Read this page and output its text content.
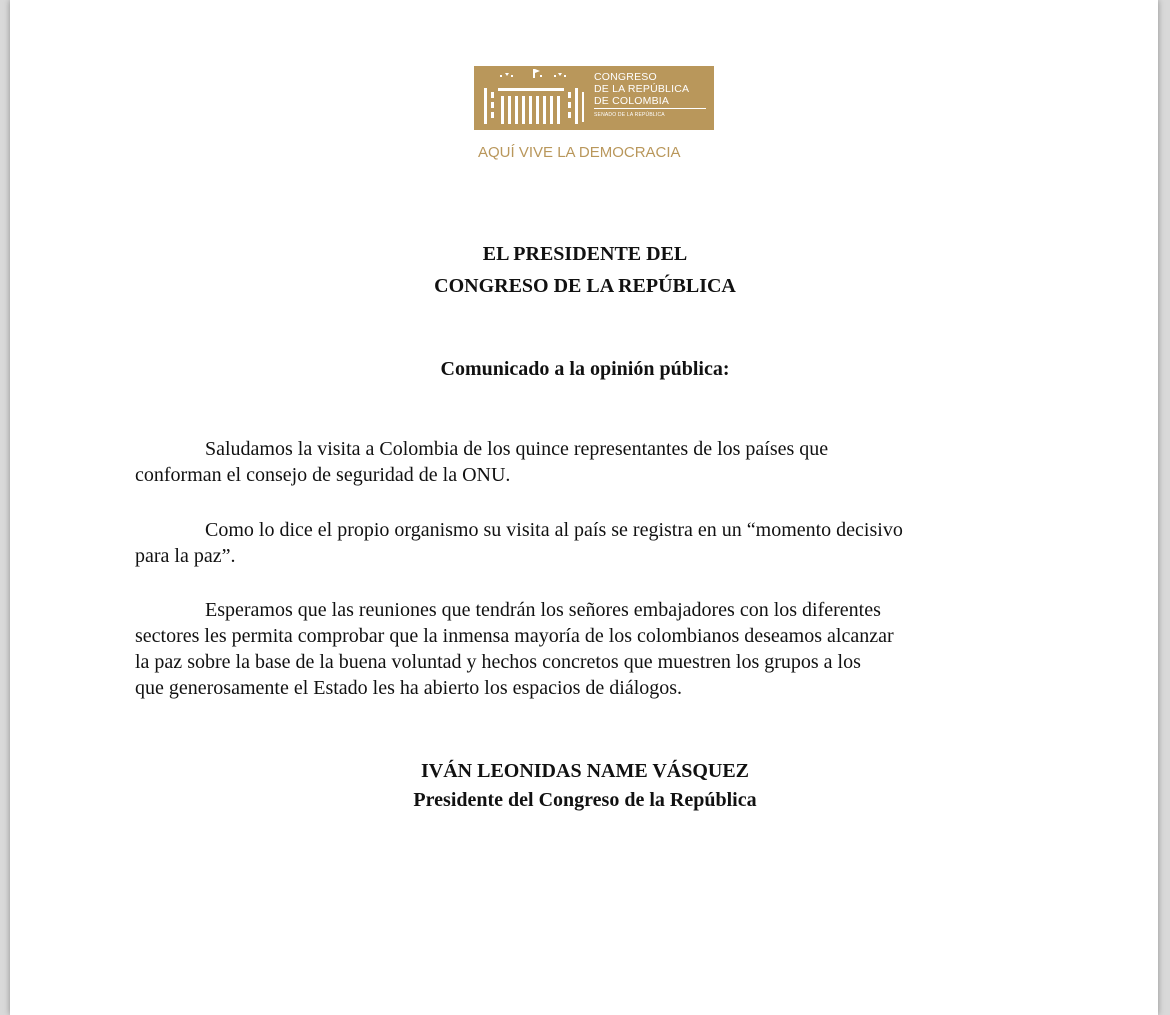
CONGRESO
DE LA REPÚBLICA
DE COLOMBIA
SENADO DE LA REPÚBLICA
AQUÍ VIVE LA DEMOCRACIA
EL PRESIDENTE DEL
CONGRESO DE LA REPÚBLICA
Comunicado a la opinión pública:
Saludamos la visita a Colombia de los quince representantes de los países que
conforman el consejo de seguridad de la ONU.
Como lo dice el propio organismo su visita al país se registra en un “momento decisivo
para la paz”.
Esperamos que las reuniones que tendrán los señores embajadores con los diferentes
sectores les permita comprobar que la inmensa mayoría de los colombianos deseamos alcanzar
la paz sobre la base de la buena voluntad y hechos concretos que muestren los grupos a los
que generosamente el Estado les ha abierto los espacios de diálogos.
IVÁN LEONIDAS NAME VÁSQUEZ
Presidente del Congreso de la República
